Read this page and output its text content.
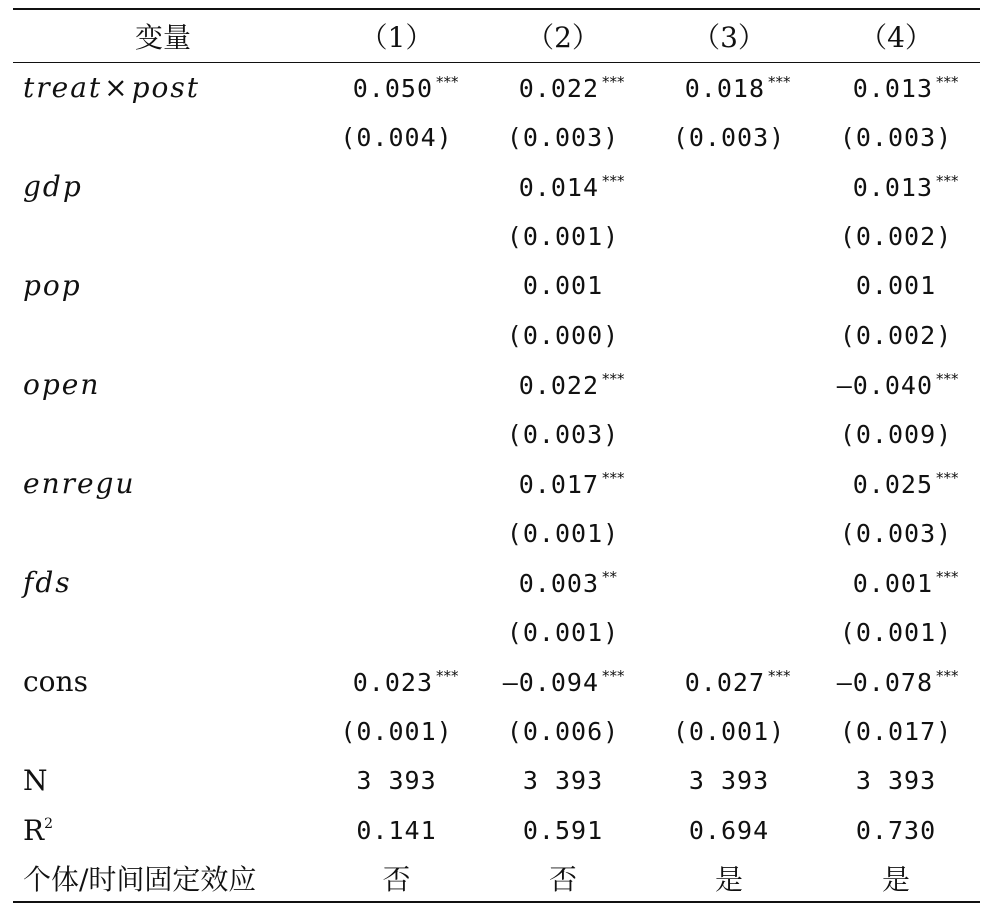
变量	（1）	（2）	（3）	（4）
treat×post	0.050 ***	0.022 ***	0.018 ***	0.013 ***
	(0.004)	(0.003)	(0.003)	(0.003)
gdp		0.014 ***		0.013 ***
		(0.001)		(0.002)
pop		0.001		0.001
		(0.000)		(0.002)
open		0.022 ***		—0.040 ***
		(0.003)		(0.009)
enregu		0.017 ***		0.025 ***
		(0.001)		(0.003)
fds		0.003 **		0.001 ***
		(0.001)		(0.001)
cons	0.023 ***	—0.094 ***	0.027 ***	—0.078 ***
	(0.001)	(0.006)	(0.001)	(0.017)
N	3 393	3 393	3 393	3 393
$R^2$	0.141	0.591	0.694	0.730
个体/时间固定效应	否	否	是	是
